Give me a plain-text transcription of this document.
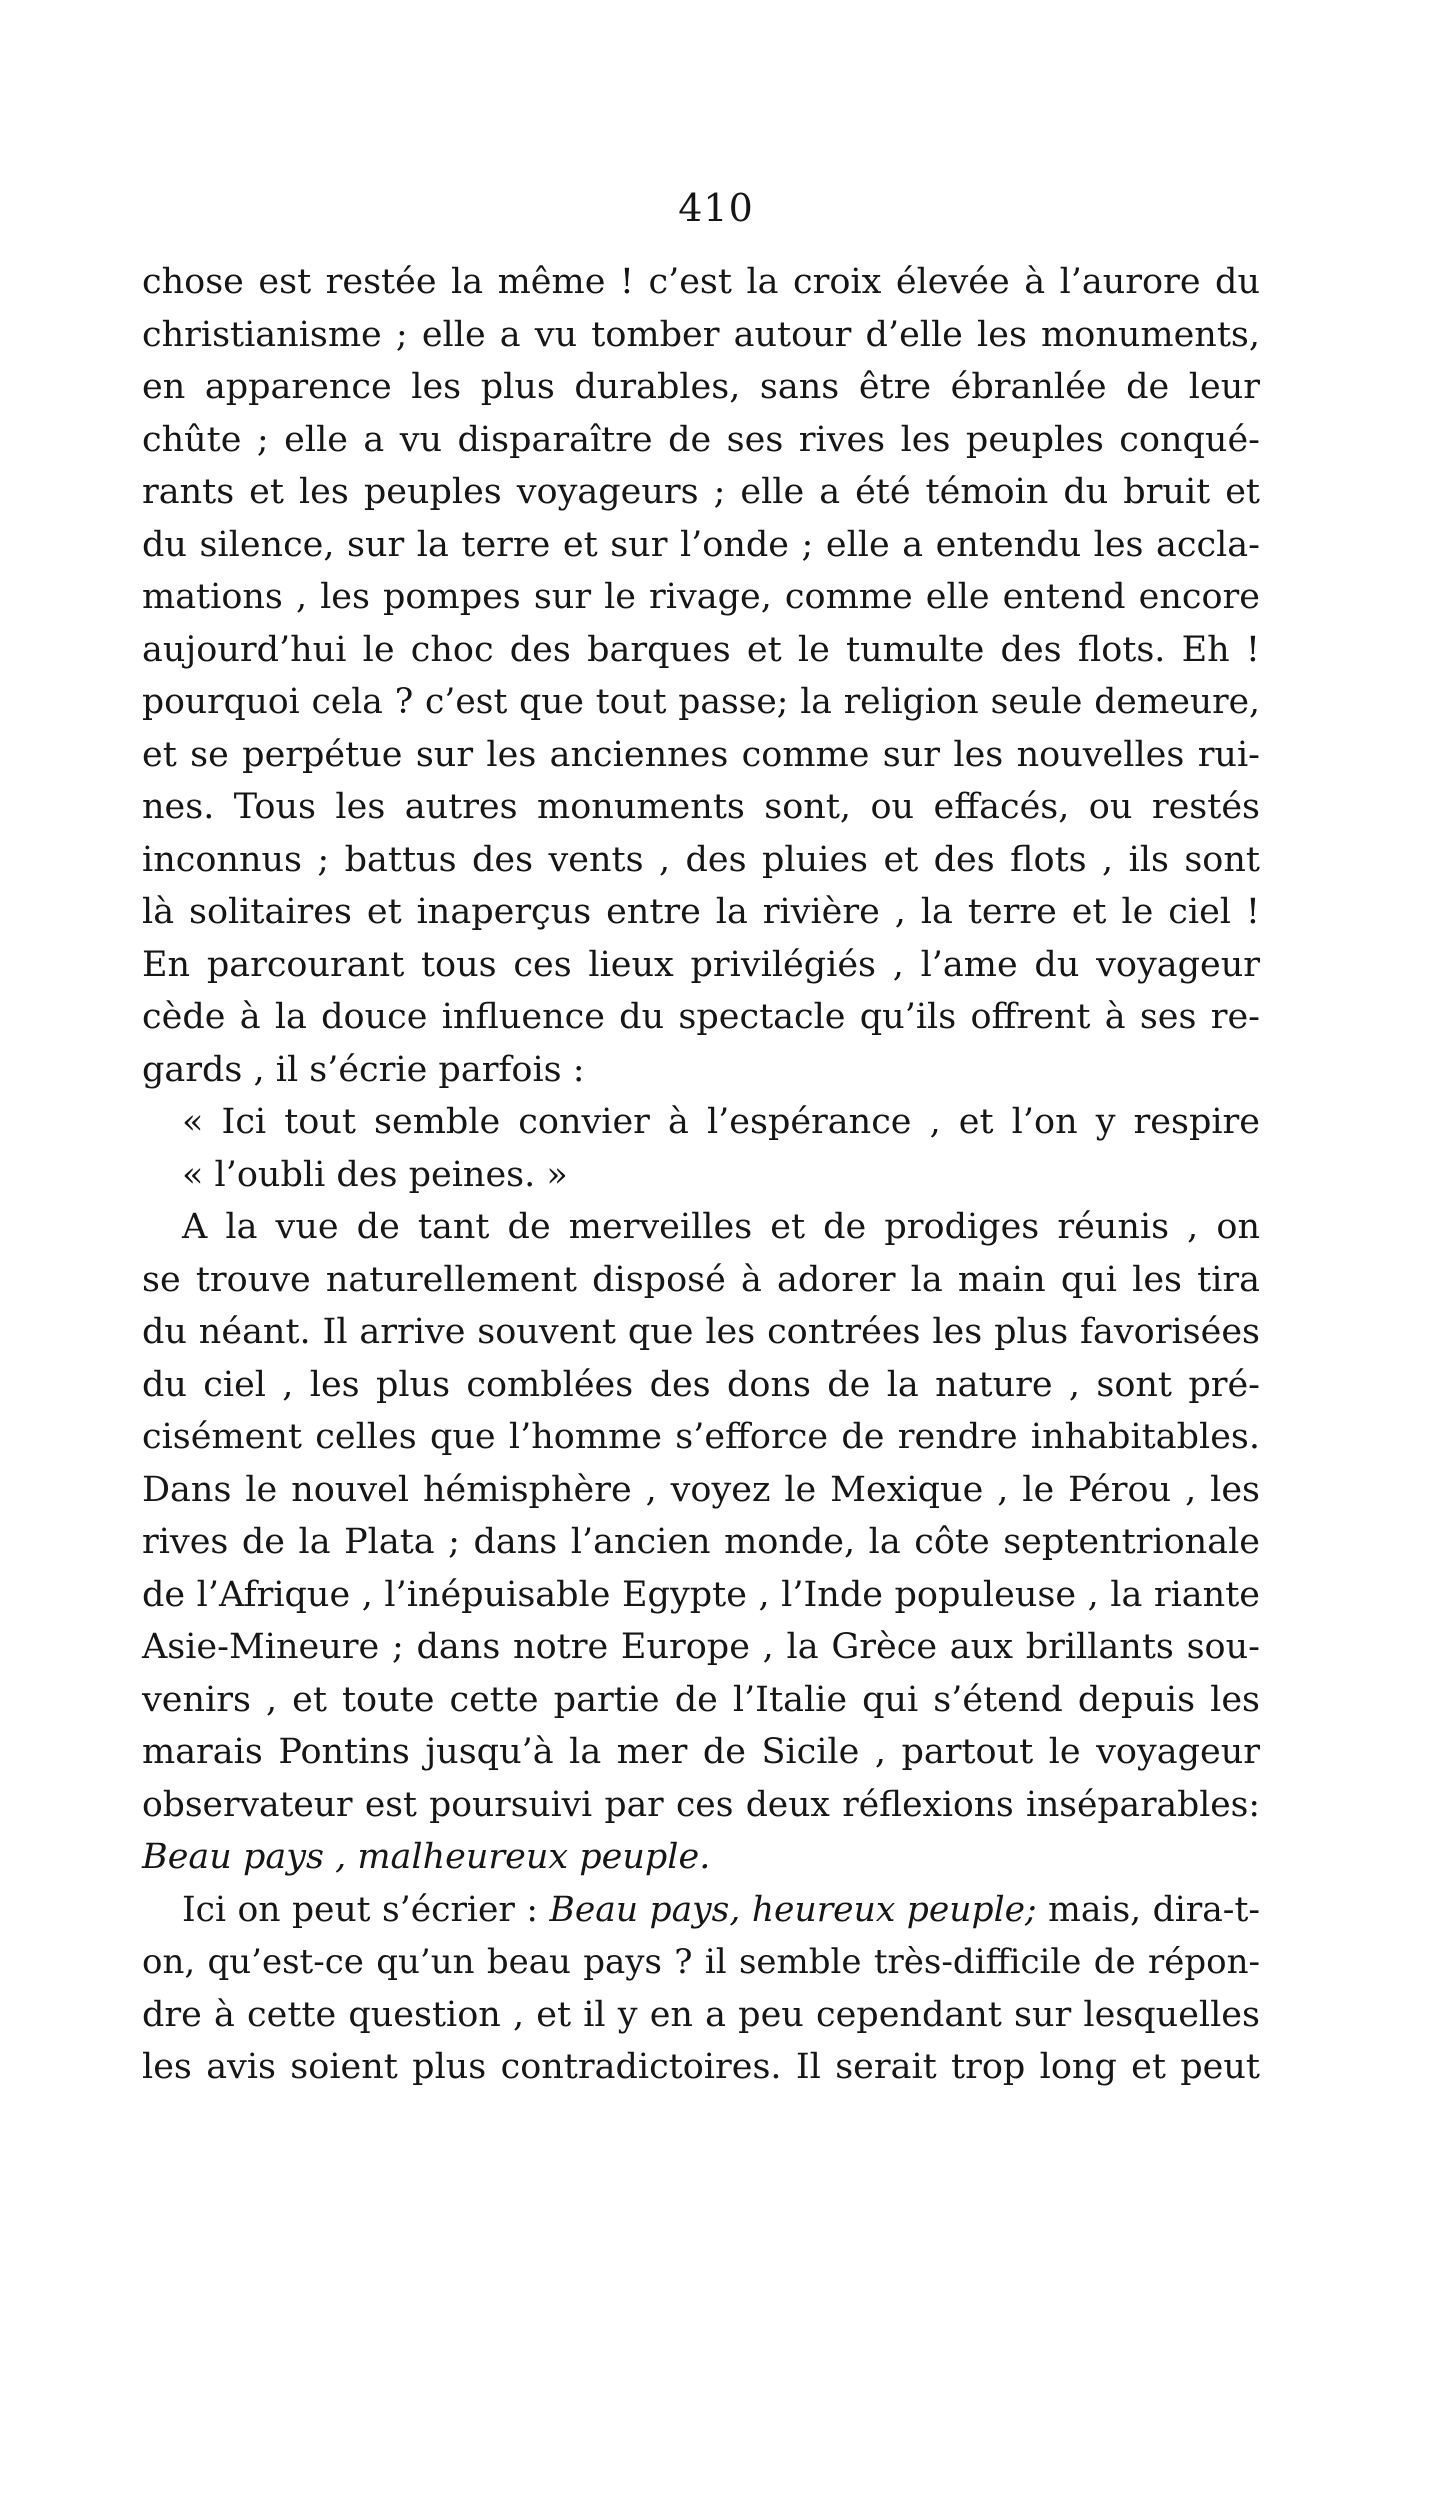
410
chose est restée la même ! c’est la croix élevée à l’aurore du
christianisme ; elle a vu tomber autour d’elle les monuments,
en apparence les plus durables, sans être ébranlée de leur
chûte ; elle a vu disparaître de ses rives les peuples conqué-
rants et les peuples voyageurs ; elle a été témoin du bruit et
du silence, sur la terre et sur l’onde ; elle a entendu les accla-
mations , les pompes sur le rivage, comme elle entend encore
aujourd’hui le choc des barques et le tumulte des flots. Eh !
pourquoi cela ? c’est que tout passe; la religion seule demeure,
et se perpétue sur les anciennes comme sur les nouvelles rui-
nes. Tous les autres monuments sont, ou effacés, ou restés
inconnus ; battus des vents , des pluies et des flots , ils sont
là solitaires et inaperçus entre la rivière , la terre et le ciel !
En parcourant tous ces lieux privilégiés , l’ame du voyageur
cède à la douce influence du spectacle qu’ils offrent à ses re-
gards , il s’écrie parfois :
« Ici tout semble convier à l’espérance , et l’on y respire
« l’oubli des peines. »
A la vue de tant de merveilles et de prodiges réunis , on
se trouve naturellement disposé à adorer la main qui les tira
du néant. Il arrive souvent que les contrées les plus favorisées
du ciel , les plus comblées des dons de la nature , sont pré-
cisément celles que l’homme s’efforce de rendre inhabitables.
Dans le nouvel hémisphère , voyez le Mexique , le Pérou , les
rives de la Plata ; dans l’ancien monde, la côte septentrionale
de l’Afrique , l’inépuisable Egypte , l’Inde populeuse , la riante
Asie-Mineure ; dans notre Europe , la Grèce aux brillants sou-
venirs , et toute cette partie de l’Italie qui s’étend depuis les
marais Pontins jusqu’à la mer de Sicile , partout le voyageur
observateur est poursuivi par ces deux réflexions inséparables:
Beau pays , malheureux peuple.
Ici on peut s’écrier : Beau pays, heureux peuple; mais, dira-t-
on, qu’est-ce qu’un beau pays ? il semble très-difficile de répon-
dre à cette question , et il y en a peu cependant sur lesquelles
les avis soient plus contradictoires. Il serait trop long et peut
